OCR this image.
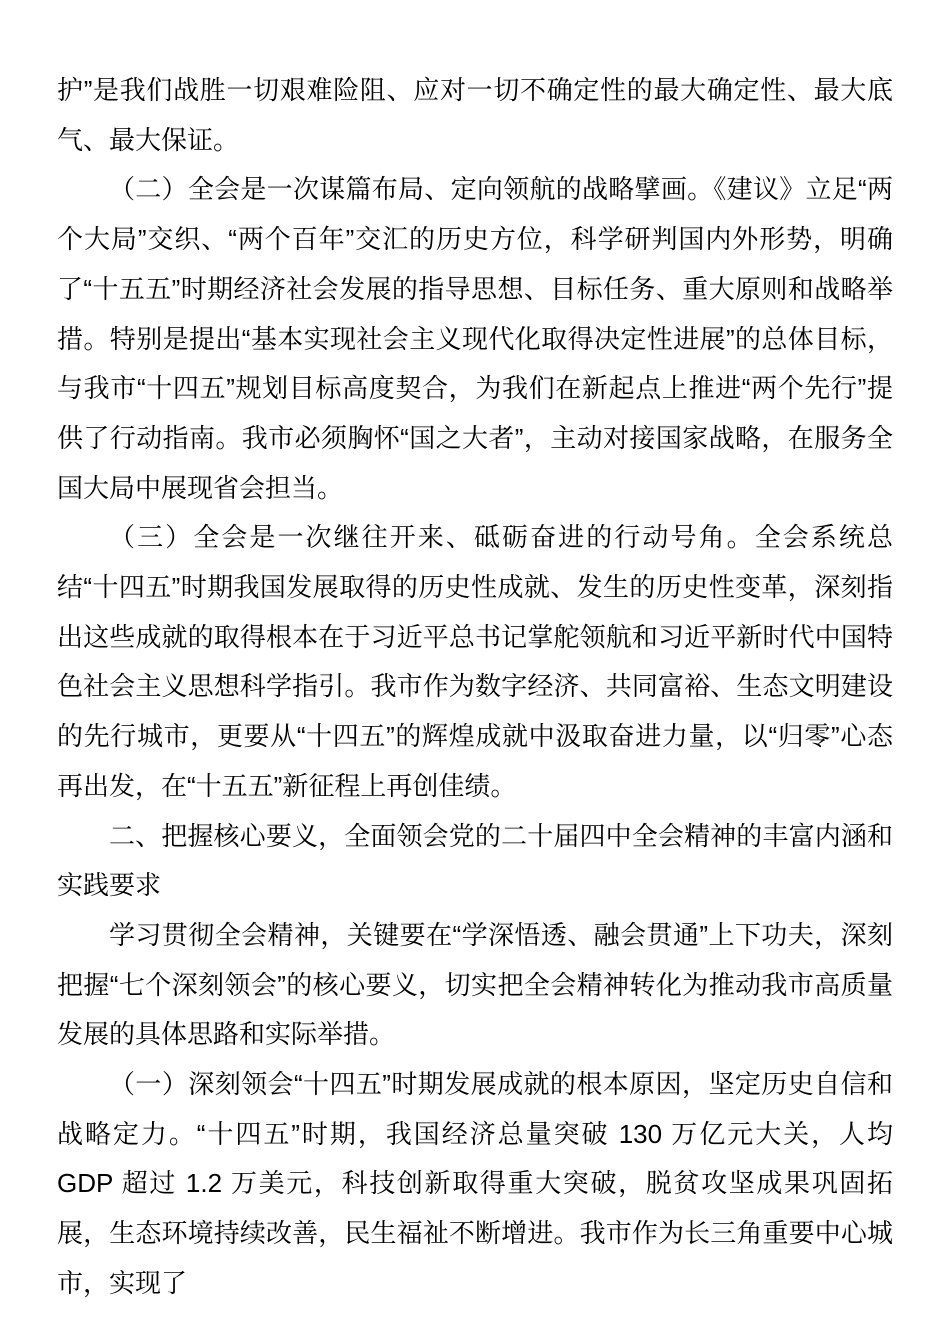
护”是我们战胜一切艰难险阻、应对一切不确定性的最大确定性、最大底气、最大保证。

（二）全会是一次谋篇布局、定向领航的战略擘画。《建议》立足“两个大局”交织、“两个百年”交汇的历史方位，科学研判国内外形势，明确了“十五五”时期经济社会发展的指导思想、目标任务、重大原则和战略举措。特别是提出“基本实现社会主义现代化取得决定性进展”的总体目标，与我市“十四五”规划目标高度契合，为我们在新起点上推进“两个先行”提供了行动指南。我市必须胸怀“国之大者”，主动对接国家战略，在服务全国大局中展现省会担当。

（三）全会是一次继往开来、砥砺奋进的行动号角。全会系统总结“十四五”时期我国发展取得的历史性成就、发生的历史性变革，深刻指出这些成就的取得根本在于习近平总书记掌舵领航和习近平新时代中国特色社会主义思想科学指引。我市作为数字经济、共同富裕、生态文明建设的先行城市，更要从“十四五”的辉煌成就中汲取奋进力量，以“归零”心态再出发，在“十五五”新征程上再创佳绩。

二、把握核心要义，全面领会党的二十届四中全会精神的丰富内涵和实践要求

学习贯彻全会精神，关键要在“学深悟透、融会贯通”上下功夫，深刻把握“七个深刻领会”的核心要义，切实把全会精神转化为推动我市高质量发展的具体思路和实际举措。

（一）深刻领会“十四五”时期发展成就的根本原因，坚定历史自信和战略定力。“十四五”时期，我国经济总量突破 130 万亿元大关，人均 GDP 超过 1.2 万美元，科技创新取得重大突破，脱贫攻坚成果巩固拓展，生态环境持续改善，民生福祉不断增进。我市作为长三角重要中心城市，实现了
